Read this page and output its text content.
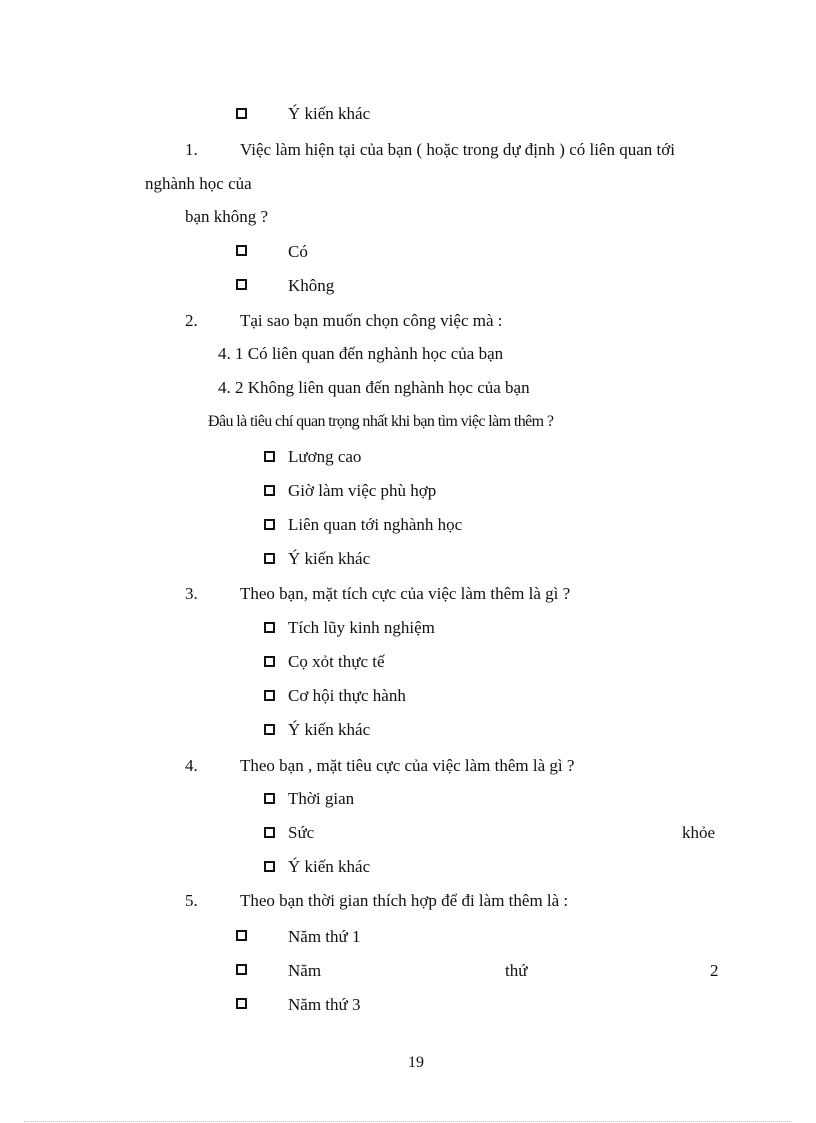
Ý kiến khác
1. Việc làm hiện tại của bạn ( hoặc trong dự định ) có liên quan tới
nghành học của
bạn không ?
Có
Không
2. Tại sao bạn muốn chọn công việc mà :
4. 1 Có liên quan đến nghành học của bạn
4. 2 Không liên quan đến nghành học của bạn
Đâu là tiêu chí quan trọng nhất khi bạn tìm việc làm thêm ?
Lương cao
Giờ làm việc phù hợp
Liên quan tới nghành học
Ý kiến khác
3. Theo bạn, mặt tích cực của việc làm thêm là gì ?
Tích lũy kinh nghiệm
Cọ xỏt thực tế
Cơ hội thực hành
Ý kiến khác
4. Theo bạn , mặt tiêu cực của việc làm thêm là gì ?
Thời gian
Sức	khỏe
Ý kiến khác
5. Theo bạn thời gian thích hợp để đi làm thêm là :
Năm thứ 1
Năm	thứ	2
Năm thứ 3
19
